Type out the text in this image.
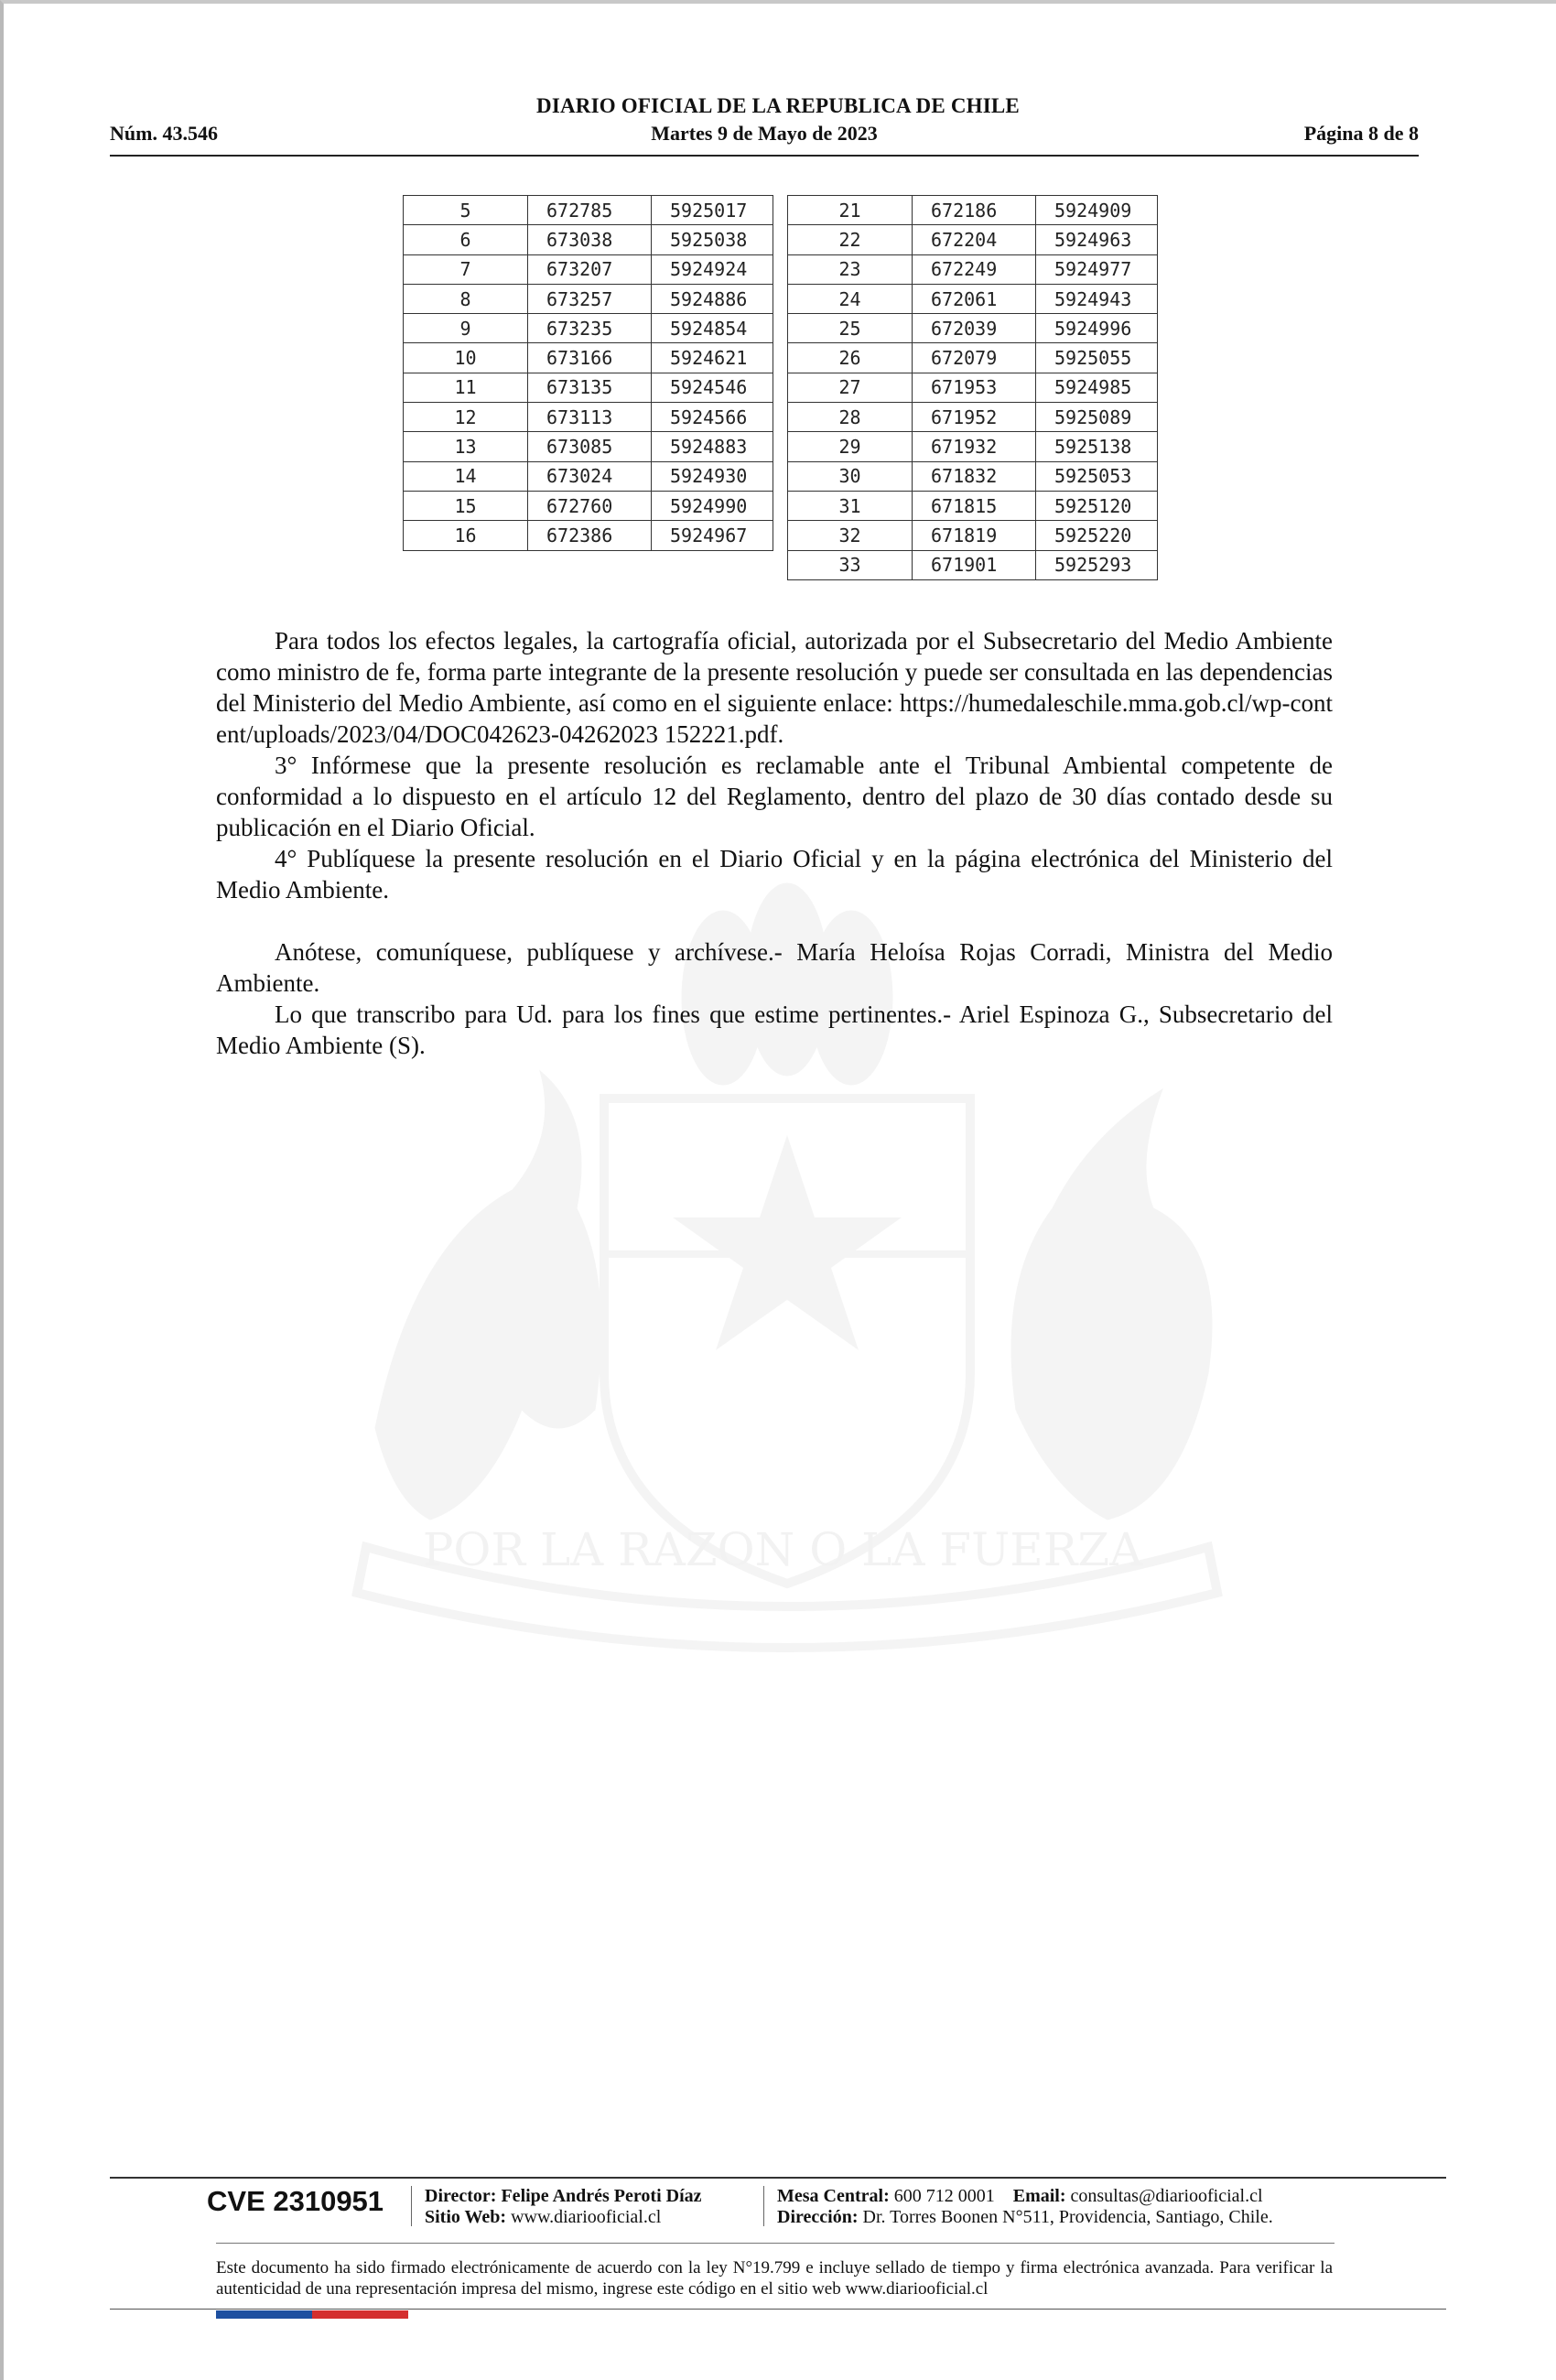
POR LA RAZON O LA FUERZA
DIARIO OFICIAL DE LA REPUBLICA DE CHILE
Núm. 43.546	Martes 9 de Mayo de 2023	Página 8 de 8
5	672785	5925017
6	673038	5925038
7	673207	5924924
8	673257	5924886
9	673235	5924854
10	673166	5924621
11	673135	5924546
12	673113	5924566
13	673085	5924883
14	673024	5924930
15	672760	5924990
16	672386	5924967
21	672186	5924909
22	672204	5924963
23	672249	5924977
24	672061	5924943
25	672039	5924996
26	672079	5925055
27	671953	5924985
28	671952	5925089
29	671932	5925138
30	671832	5925053
31	671815	5925120
32	671819	5925220
33	671901	5925293

Para todos los efectos legales, la cartografía oficial, autorizada por el Subsecretario del Medio Ambiente como ministro de fe, forma parte integrante de la presente resolución y puede ser consultada en las dependencias del Ministerio del Medio Ambiente, así como en el siguiente enlace: https://humedaleschile.mma.gob.cl/wp-content/uploads/2023/04/DOC042623-04262023 152221.pdf.

3° Infórmese que la presente resolución es reclamable ante el Tribunal Ambiental competente de conformidad a lo dispuesto en el artículo 12 del Reglamento, dentro del plazo de 30 días contado desde su publicación en el Diario Oficial.

4° Publíquese la presente resolución en el Diario Oficial y en la página electrónica del Ministerio del Medio Ambiente.

Anótese, comuníquese, publíquese y archívese.- María Heloísa Rojas Corradi, Ministra del Medio Ambiente.

Lo que transcribo para Ud. para los fines que estime pertinentes.- Ariel Espinoza G., Subsecretario del Medio Ambiente (S).

CVE 2310951 Director: Felipe Andrés Peroti Díaz
Sitio Web: www.diariooficial.cl
Mesa Central: 600 712 0001 Email: consultas@diariooficial.cl
Dirección: Dr. Torres Boonen N°511, Providencia, Santiago, Chile.
Este documento ha sido firmado electrónicamente de acuerdo con la ley N°19.799 e incluye sellado de tiempo y firma electrónica avanzada. Para verificar la autenticidad de una representación impresa del mismo, ingrese este código en el sitio web www.diariooficial.cl
